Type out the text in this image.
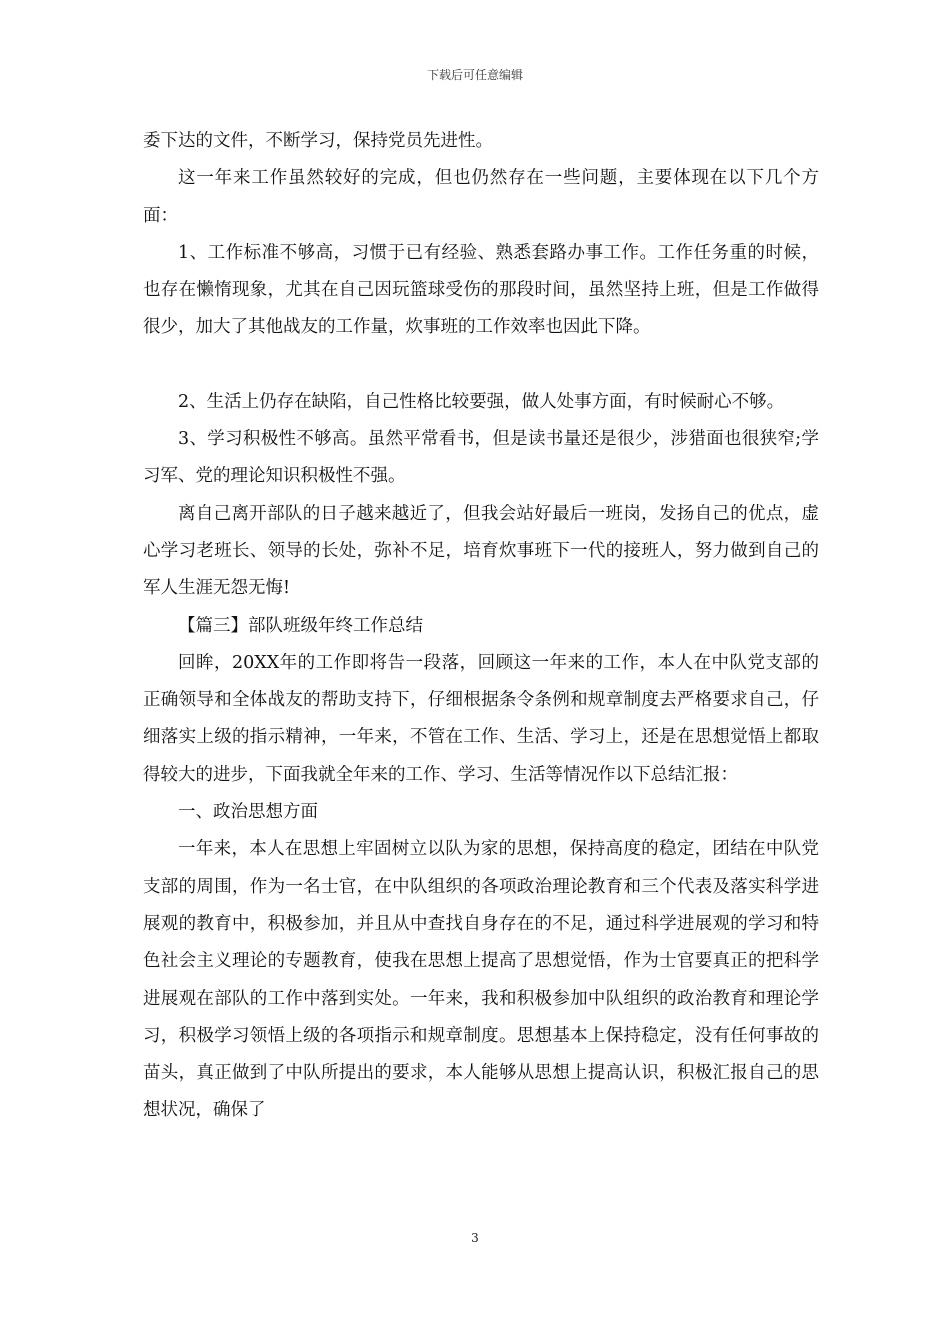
下载后可任意编辑

委下达的文件，不断学习，保持党员先进性。

这一年来工作虽然较好的完成，但也仍然存在一些问题，主要体现在以下几个方面：

1、工作标准不够高，习惯于已有经验、熟悉套路办事工作。工作任务重的时候，也存在懒惰现象，尤其在自己因玩篮球受伤的那段时间，虽然坚持上班，但是工作做得很少，加大了其他战友的工作量，炊事班的工作效率也因此下降。

2、生活上仍存在缺陷，自己性格比较要强，做人处事方面，有时候耐心不够。

3、学习积极性不够高。虽然平常看书，但是读书量还是很少，涉猎面也很狭窄;学习军、党的理论知识积极性不强。

离自己离开部队的日子越来越近了，但我会站好最后一班岗，发扬自己的优点，虚心学习老班长、领导的长处，弥补不足，培育炊事班下一代的接班人，努力做到自己的军人生涯无怨无悔!

【篇三】部队班级年终工作总结

回眸，20XX年的工作即将告一段落，回顾这一年来的工作，本人在中队党支部的正确领导和全体战友的帮助支持下，仔细根据条令条例和规章制度去严格要求自己，仔细落实上级的指示精神，一年来，不管在工作、生活、学习上，还是在思想觉悟上都取得较大的进步，下面我就全年来的工作、学习、生活等情况作以下总结汇报：

一、政治思想方面

一年来，本人在思想上牢固树立以队为家的思想，保持高度的稳定，团结在中队党支部的周围，作为一名士官，在中队组织的各项政治理论教育和三个代表及落实科学进展观的教育中，积极参加，并且从中查找自身存在的不足，通过科学进展观的学习和特色社会主义理论的专题教育，使我在思想上提高了思想觉悟，作为士官要真正的把科学进展观在部队的工作中落到实处。一年来，我和积极参加中队组织的政治教育和理论学习，积极学习领悟上级的各项指示和规章制度。思想基本上保持稳定，没有任何事故的苗头，真正做到了中队所提出的要求，本人能够从思想上提高认识，积极汇报自己的思想状况，确保了

3
